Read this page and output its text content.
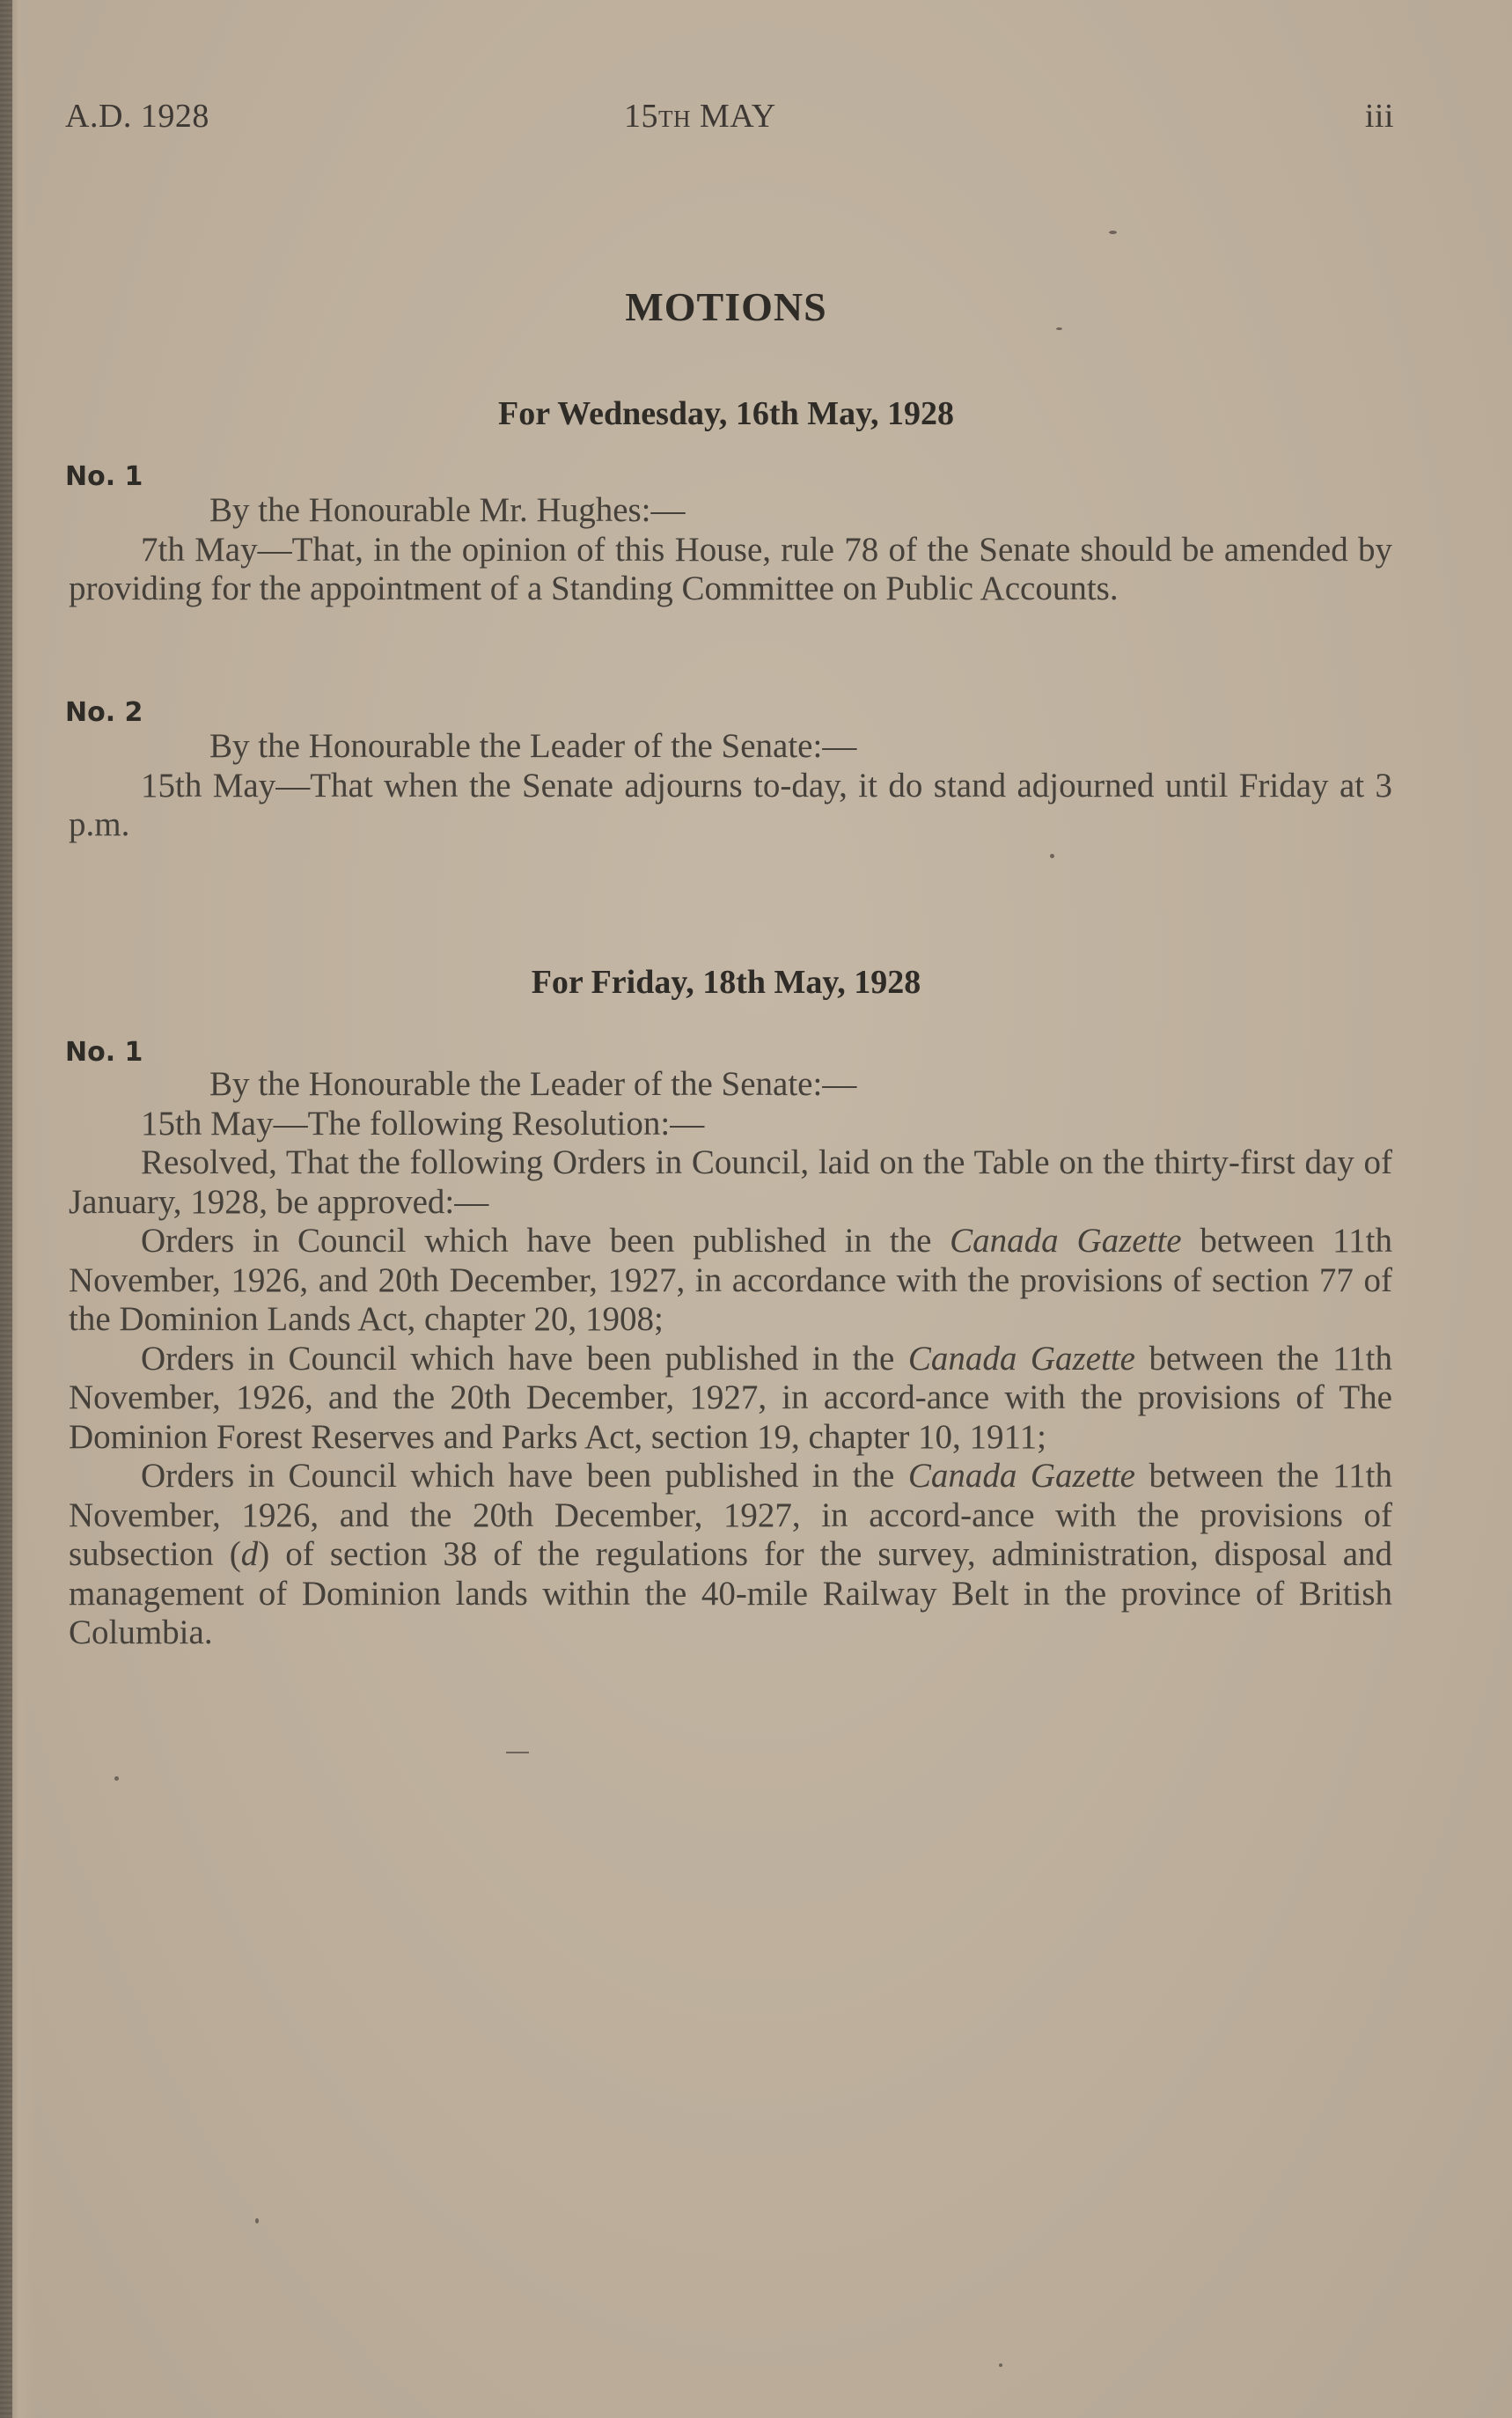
A.D. 1928	15th MAY	iii
MOTIONS
For Wednesday, 16th May, 1928
No. 1

By the Honourable Mr. Hughes:—

7th May—That, in the opinion of this House, rule 78 of the Senate should be amended by providing for the appointment of a Standing Committee on Public Accounts.

No. 2

By the Honourable the Leader of the Senate:—

15th May—That when the Senate adjourns to-day, it do stand adjourned until Friday at 3 p.m.

For Friday, 18th May, 1928
No. 1

By the Honourable the Leader of the Senate:—

15th May—The following Resolution:—

Resolved, That the following Orders in Council, laid on the Table on the thirty-first day of January, 1928, be approved:—

Orders in Council which have been published in the Canada Gazette between 11th November, 1926, and 20th December, 1927, in accordance with the provisions of section 77 of the Dominion Lands Act, chapter 20, 1908;

Orders in Council which have been published in the Canada Gazette between the 11th November, 1926, and the 20th December, 1927, in accord-ance with the provisions of The Dominion Forest Reserves and Parks Act, section 19, chapter 10, 1911;

Orders in Council which have been published in the Canada Gazette between the 11th November, 1926, and the 20th December, 1927, in accord-ance with the provisions of subsection (d) of section 38 of the regulations for the survey, administration, disposal and management of Dominion lands within the 40-mile Railway Belt in the province of British Columbia.
